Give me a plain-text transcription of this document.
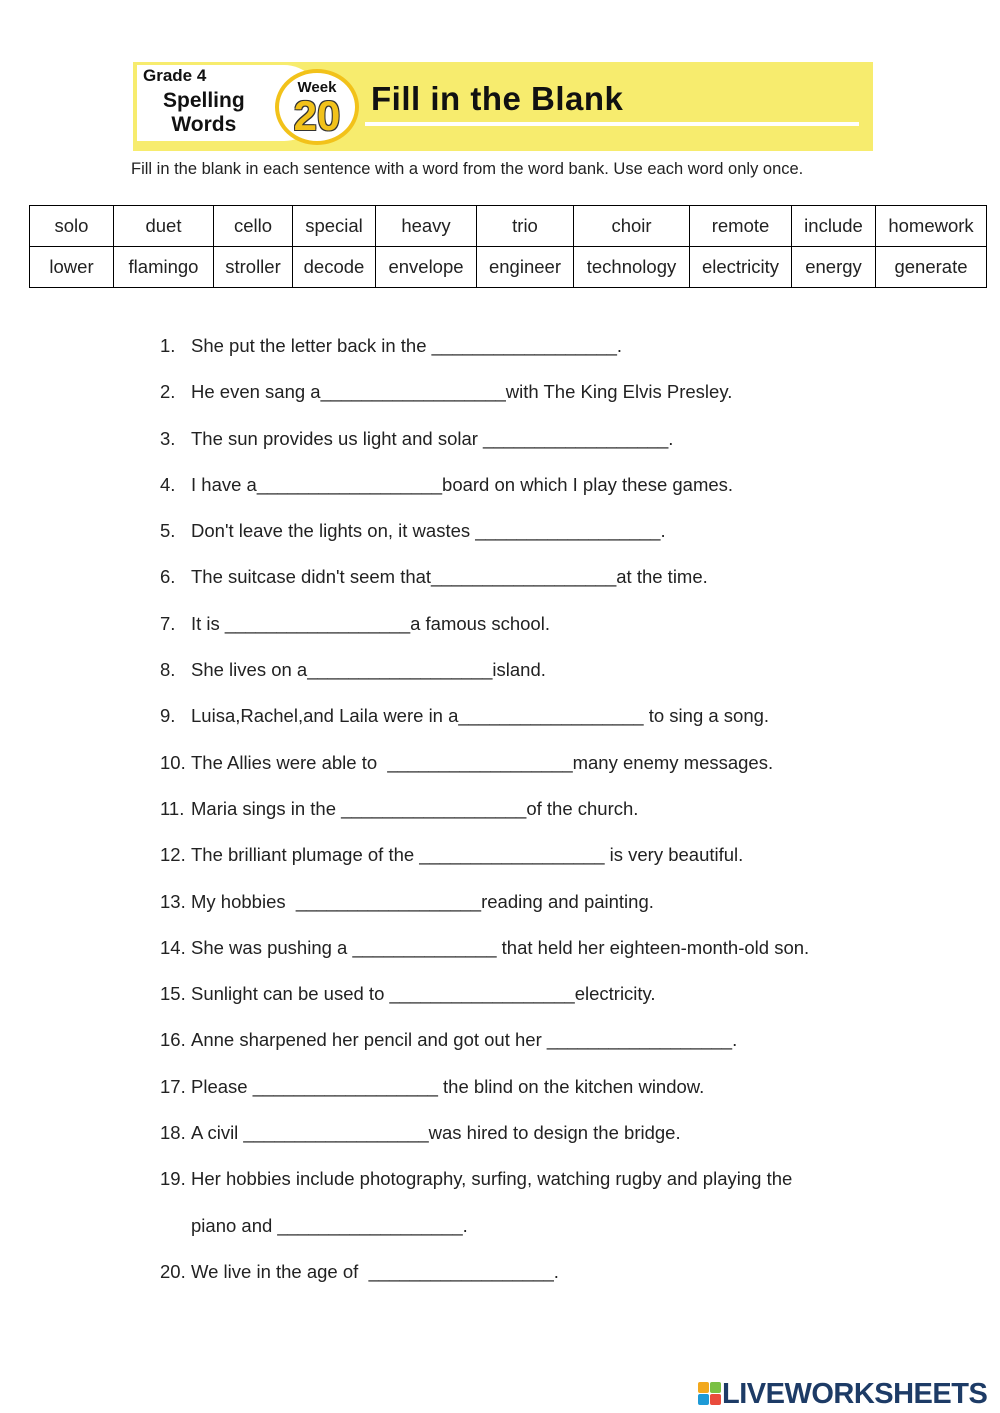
Grade 4
Spelling
Words
Week
20 Fill in the Blank
Fill in the blank in each sentence with a word from the word bank. Use each word only once.
solo	duet	cello	special	heavy	trio	choir	remote	include	homework
lower	flamingo	stroller	decode	envelope	engineer	technology	electricity	energy	generate
1. She put the letter back in the __________________.
2. He even sang a__________________with The King Elvis Presley.
3. The sun provides us light and solar __________________.
4. I have a__________________board on which I play these games.
5. Don't leave the lights on, it wastes __________________.
6. The suitcase didn't seem that__________________at the time.
7. It is __________________a famous school.
8. She lives on a__________________island.
9. Luisa,Rachel,and Laila were in a__________________ to sing a song.
10. The Allies were able to  __________________many enemy messages.
11. Maria sings in the __________________of the church.
12. The brilliant plumage of the __________________ is very beautiful.
13. My hobbies  __________________reading and painting.
14. She was pushing a ______________ that held her eighteen-month-old son.
15. Sunlight can be used to __________________electricity.
16. Anne sharpened her pencil and got out her __________________.
17. Please __________________ the blind on the kitchen window.
18. A civil __________________was hired to design the bridge.
19. Her hobbies include photography, surfing, watching rugby and playing the
piano and __________________.
20. We live in the age of  __________________.
LIVEWORKSHEETS
